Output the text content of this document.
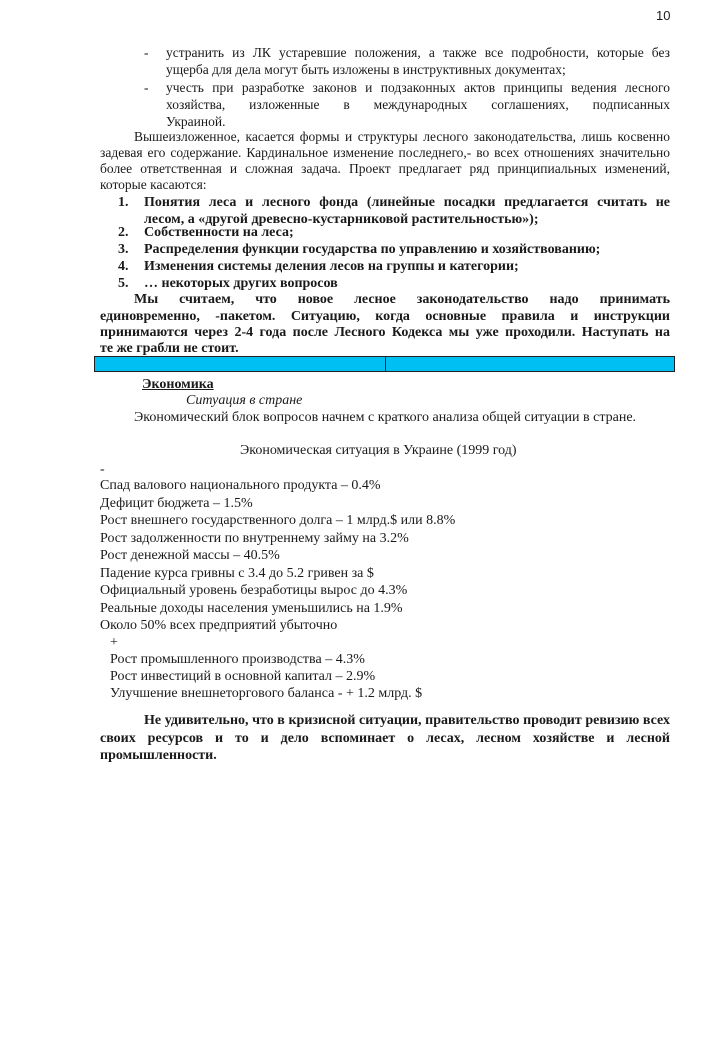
10
- устранить из ЛК устаревшие положения, а также все подробности, которые без
ущерба для дела могут быть изложены в инструктивных документах;
- учесть при разработке законов и подзаконных актов принципы ведения лесного
хозяйства, изложенные в международных соглашениях, подписанных
Украиной.
Вышеизложенное, касается формы и структуры лесного законодательства, лишь косвенно
задевая его содержание. Кардинальное изменение последнего,- во всех отношениях значительно
более ответственная и сложная задача. Проект предлагает ряд принципиальных изменений,
которые касаются:
1. Понятия леса и лесного фонда (линейные посадки предлагается считать не
лесом, а «другой древесно-кустарниковой растительностью»);
2. Собственности на леса;
3. Распределения функции государства по управлению и хозяйствованию;
4. Изменения системы деления лесов на группы и категории;
5. … некоторых других вопросов
Мы считаем, что новое лесное законодательство надо принимать
единовременно, -пакетом. Ситуацию, когда основные правила и инструкции
принимаются через 2-4 года после Лесного Кодекса мы уже проходили. Наступать на
те же грабли не стоит.
Экономика
Ситуация в стране
Экономический блок вопросов начнем с краткого анализа общей ситуации в стране.
Экономическая ситуация в Украине (1999 год)
-
Спад валового национального продукта – 0.4%
Дефицит бюджета – 1.5%
Рост внешнего государственного долга – 1 млрд.$ или 8.8%
Рост задолженности по внутреннему займу на 3.2%
Рост денежной массы – 40.5%
Падение курса гривны с 3.4 до 5.2 гривен за $
Официальный уровень безработицы вырос до 4.3%
Реальные доходы населения уменьшились на 1.9%
Около 50% всех предприятий убыточно
+
Рост промышленного производства – 4.3%
Рост инвестиций в основной капитал – 2.9%
Улучшение внешнеторгового баланса - + 1.2 млрд. $
Не удивительно, что в кризисной ситуации, правительство проводит ревизию всех своих ресурсов и то и дело вспоминает о лесах, лесном хозяйстве и лесной промышленности.
